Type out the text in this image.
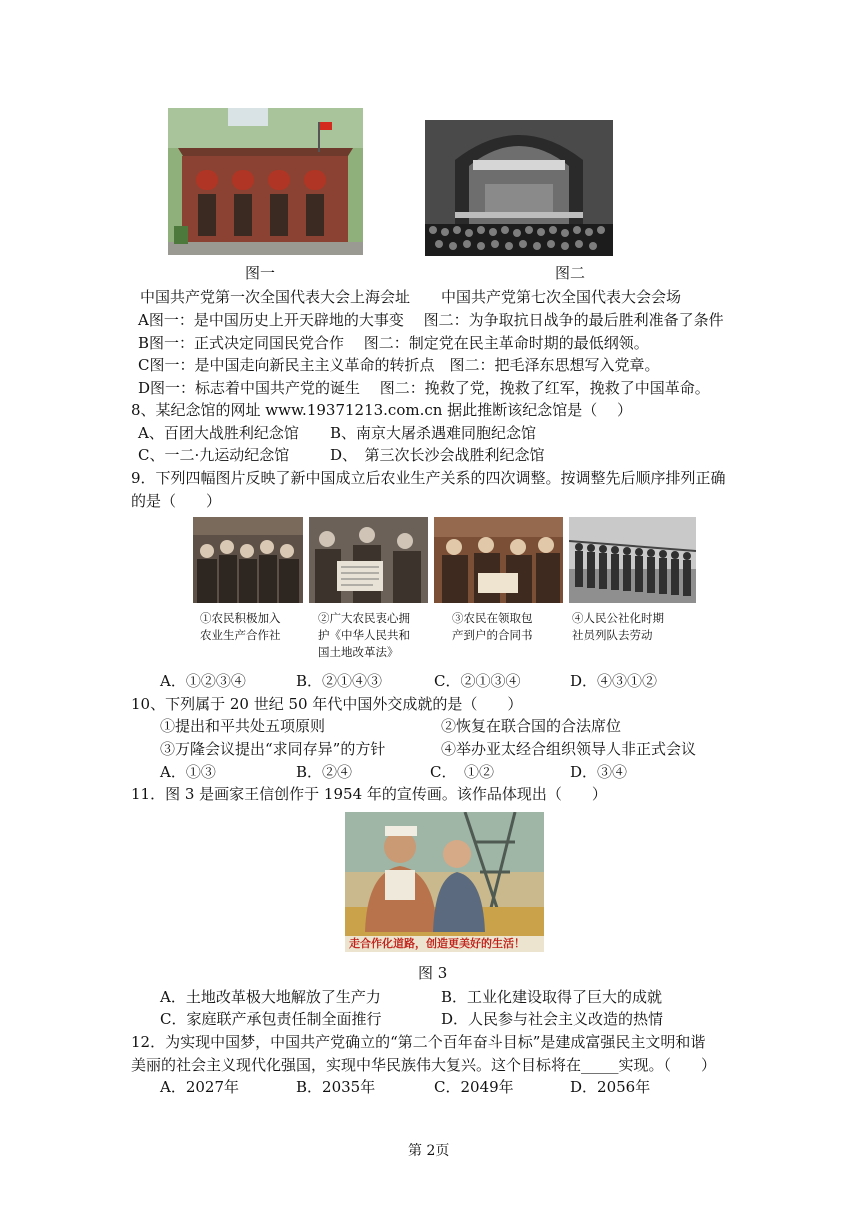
图一	图二
中国共产党第一次全国代表大会上海会址 中国共产党第七次全国代表大会会场
A图一：是中国历史上开天辟地的大事变　 图二：为争取抗日战争的最后胜利准备了条件
B图一：正式决定同国民党合作　 图二：制定党在民主革命时期的最低纲领。
C图一：是中国走向新民主主义革命的转折点　图二：把毛泽东思想写入党章。
D图一：标志着中国共产党的诞生　 图二：挽救了党，挽救了红军，挽救了中国革命。
8、某纪念馆的网址 www.19371213.com.cn 据此推断该纪念馆是（　 ）
A、百团大战胜利纪念馆 B、南京大屠杀遇难同胞纪念馆
C、一二·九运动纪念馆	D、　第三次长沙会战胜利纪念馆
9．下列四幅图片反映了新中国成立后农业生产关系的四次调整。按调整先后顺序排列正确
的是（　　）
①农民积极加入
农业生产合作社
②广大农民衷心拥
护《中华人民共和
国土地改革法》
③农民在领取包
产到户的合同书
④人民公社化时期
社员列队去劳动
A．①②③④	B．②①④③	C．②①③④	D．④③①②
10、下列属于 20 世纪 50 年代中国外交成就的是（　　）
①提出和平共处五项原则	②恢复在联合国的合法席位
③万隆会议提出“求同存异”的方针	④举办亚太经合组织领导人非正式会议
A．①③	B．②④	C．　①②	D．③④
11．图 3 是画家王信创作于 1954 年的宣传画。该作品体现出（　　）
走合作化道路，创造更美好的生活！
图 3
A．土地改革极大地解放了生产力	B．工业化建设取得了巨大的成就
C．家庭联产承包责任制全面推行	D．人民参与社会主义改造的热情
12．为实现中国梦，中国共产党确立的“第二个百年奋斗目标”是建成富强民主文明和谐
美丽的社会主义现代化强国，实现中华民族伟大复兴。这个目标将在_____实现。（　　）
A．2027年	B．2035年	C．2049年	D．2056年
第 2页
